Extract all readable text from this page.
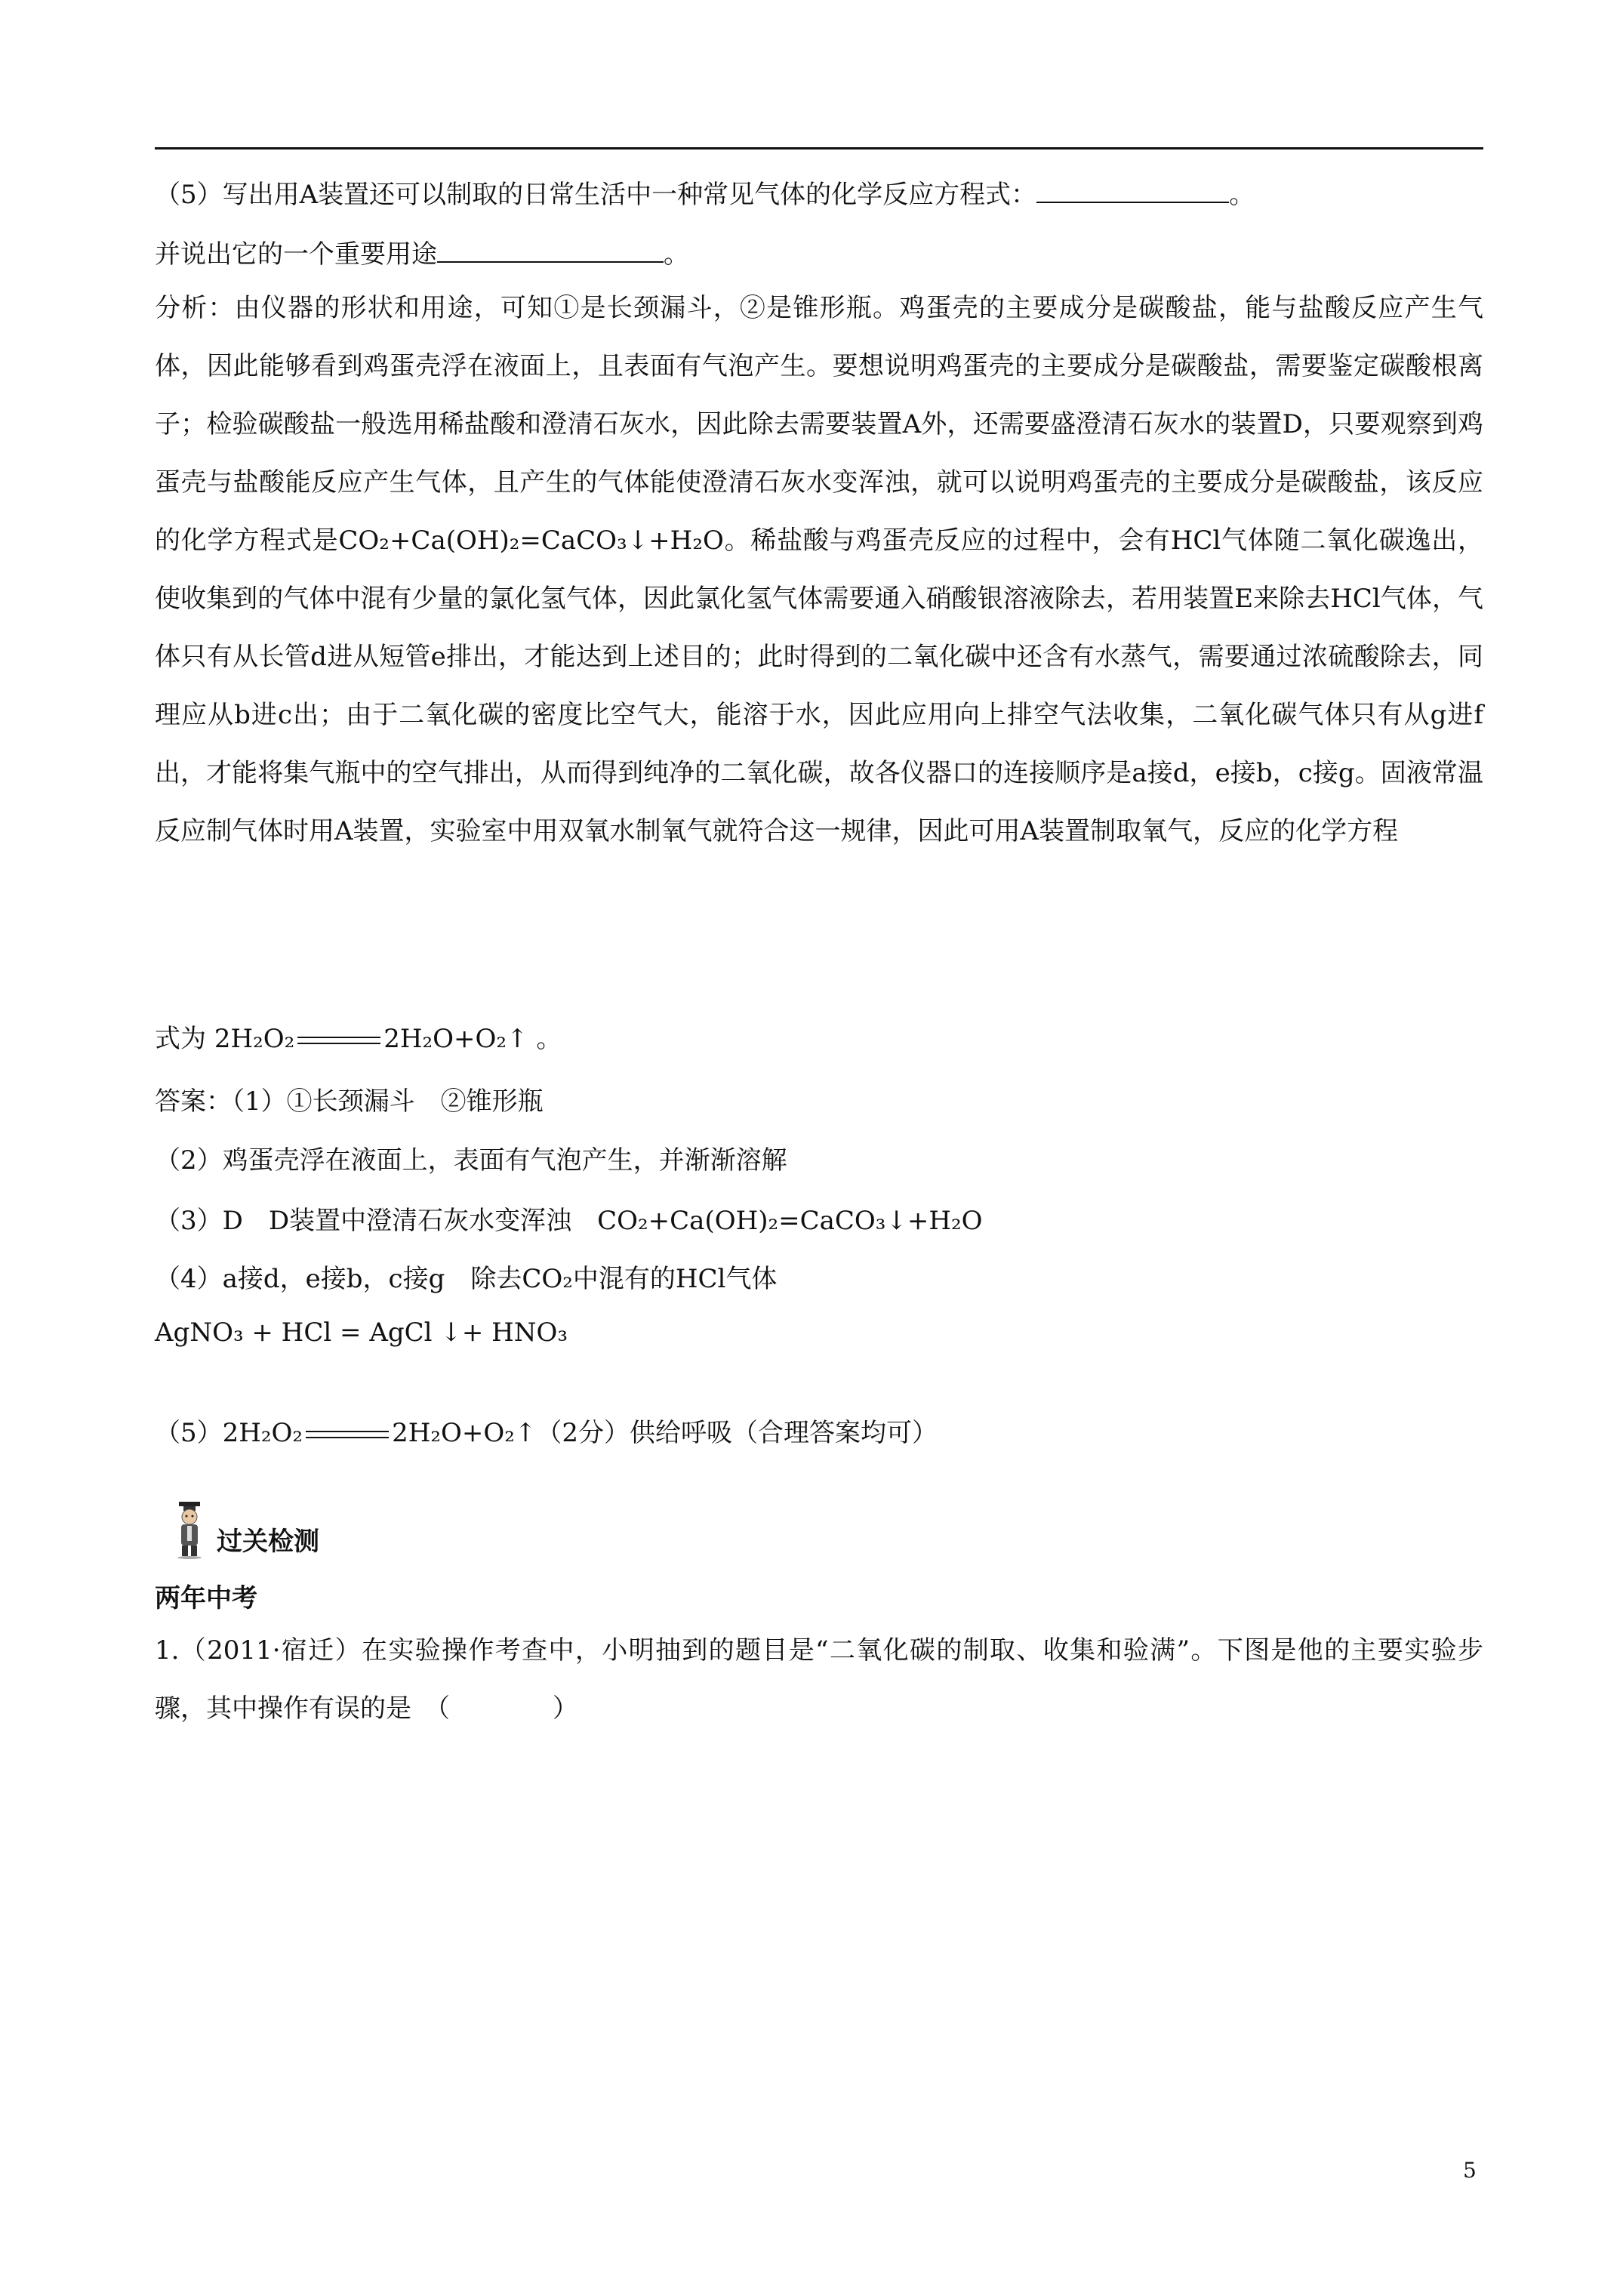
（5）写出用A装置还可以制取的日常生活中一种常见气体的化学反应方程式：	。
并说出它的一个重要用途	。
分析：由仪器的形状和用途，可知①是长颈漏斗，②是锥形瓶。鸡蛋壳的主要成分是碳酸盐，能与盐酸反应产生气体，因此能够看到鸡蛋壳浮在液面上，且表面有气泡产生。要想说明鸡蛋壳的主要成分是碳酸盐，需要鉴定碳酸根离子；检验碳酸盐一般选用稀盐酸和澄清石灰水，因此除去需要装置A外，还需要盛澄清石灰水的装置D，只要观察到鸡蛋壳与盐酸能反应产生气体，且产生的气体能使澄清石灰水变浑浊，就可以说明鸡蛋壳的主要成分是碳酸盐，该反应的化学方程式是CO₂+Ca(OH)₂=CaCO₃↓+H₂O。稀盐酸与鸡蛋壳反应的过程中，会有HCl气体随二氧化碳逸出，使收集到的气体中混有少量的氯化氢气体，因此氯化氢气体需要通入硝酸银溶液除去，若用装置E来除去HCl气体，气体只有从长管d进从短管e排出，才能达到上述目的；此时得到的二氧化碳中还含有水蒸气，需要通过浓硫酸除去，同理应从b进c出；由于二氧化碳的密度比空气大，能溶于水，因此应用向上排空气法收集，二氧化碳气体只有从g进f出，才能将集气瓶中的空气排出，从而得到纯净的二氧化碳，故各仪器口的连接顺序是a接d，e接b，c接g。固液常温反应制气体时用A装置，实验室中用双氧水制氧气就符合这一规律，因此可用A装置制取氧气，反应的化学方程
式为 2H₂O₂	2H₂O+O₂↑ 。
答案：（1）①长颈漏斗　②锥形瓶
（2）鸡蛋壳浮在液面上，表面有气泡产生，并渐渐溶解
（3）D　D装置中澄清石灰水变浑浊　 CO₂+Ca(OH)₂=CaCO₃↓+H₂O
（4）a接d，e接b，c接g　除去CO₂中混有的HCl气体
AgNO₃ + HCl = AgCl ↓+ HNO₃
（5）2H₂O₂	2H₂O+O₂↑（2分）供给呼吸（合理答案均可）
过关检测
两年中考
1.（2011·宿迁）在实验操作考查中，小明抽到的题目是“二氧化碳的制取、收集和验满”。下图是他的主要实验步骤，其中操作有误的是　（　　　　）
5
